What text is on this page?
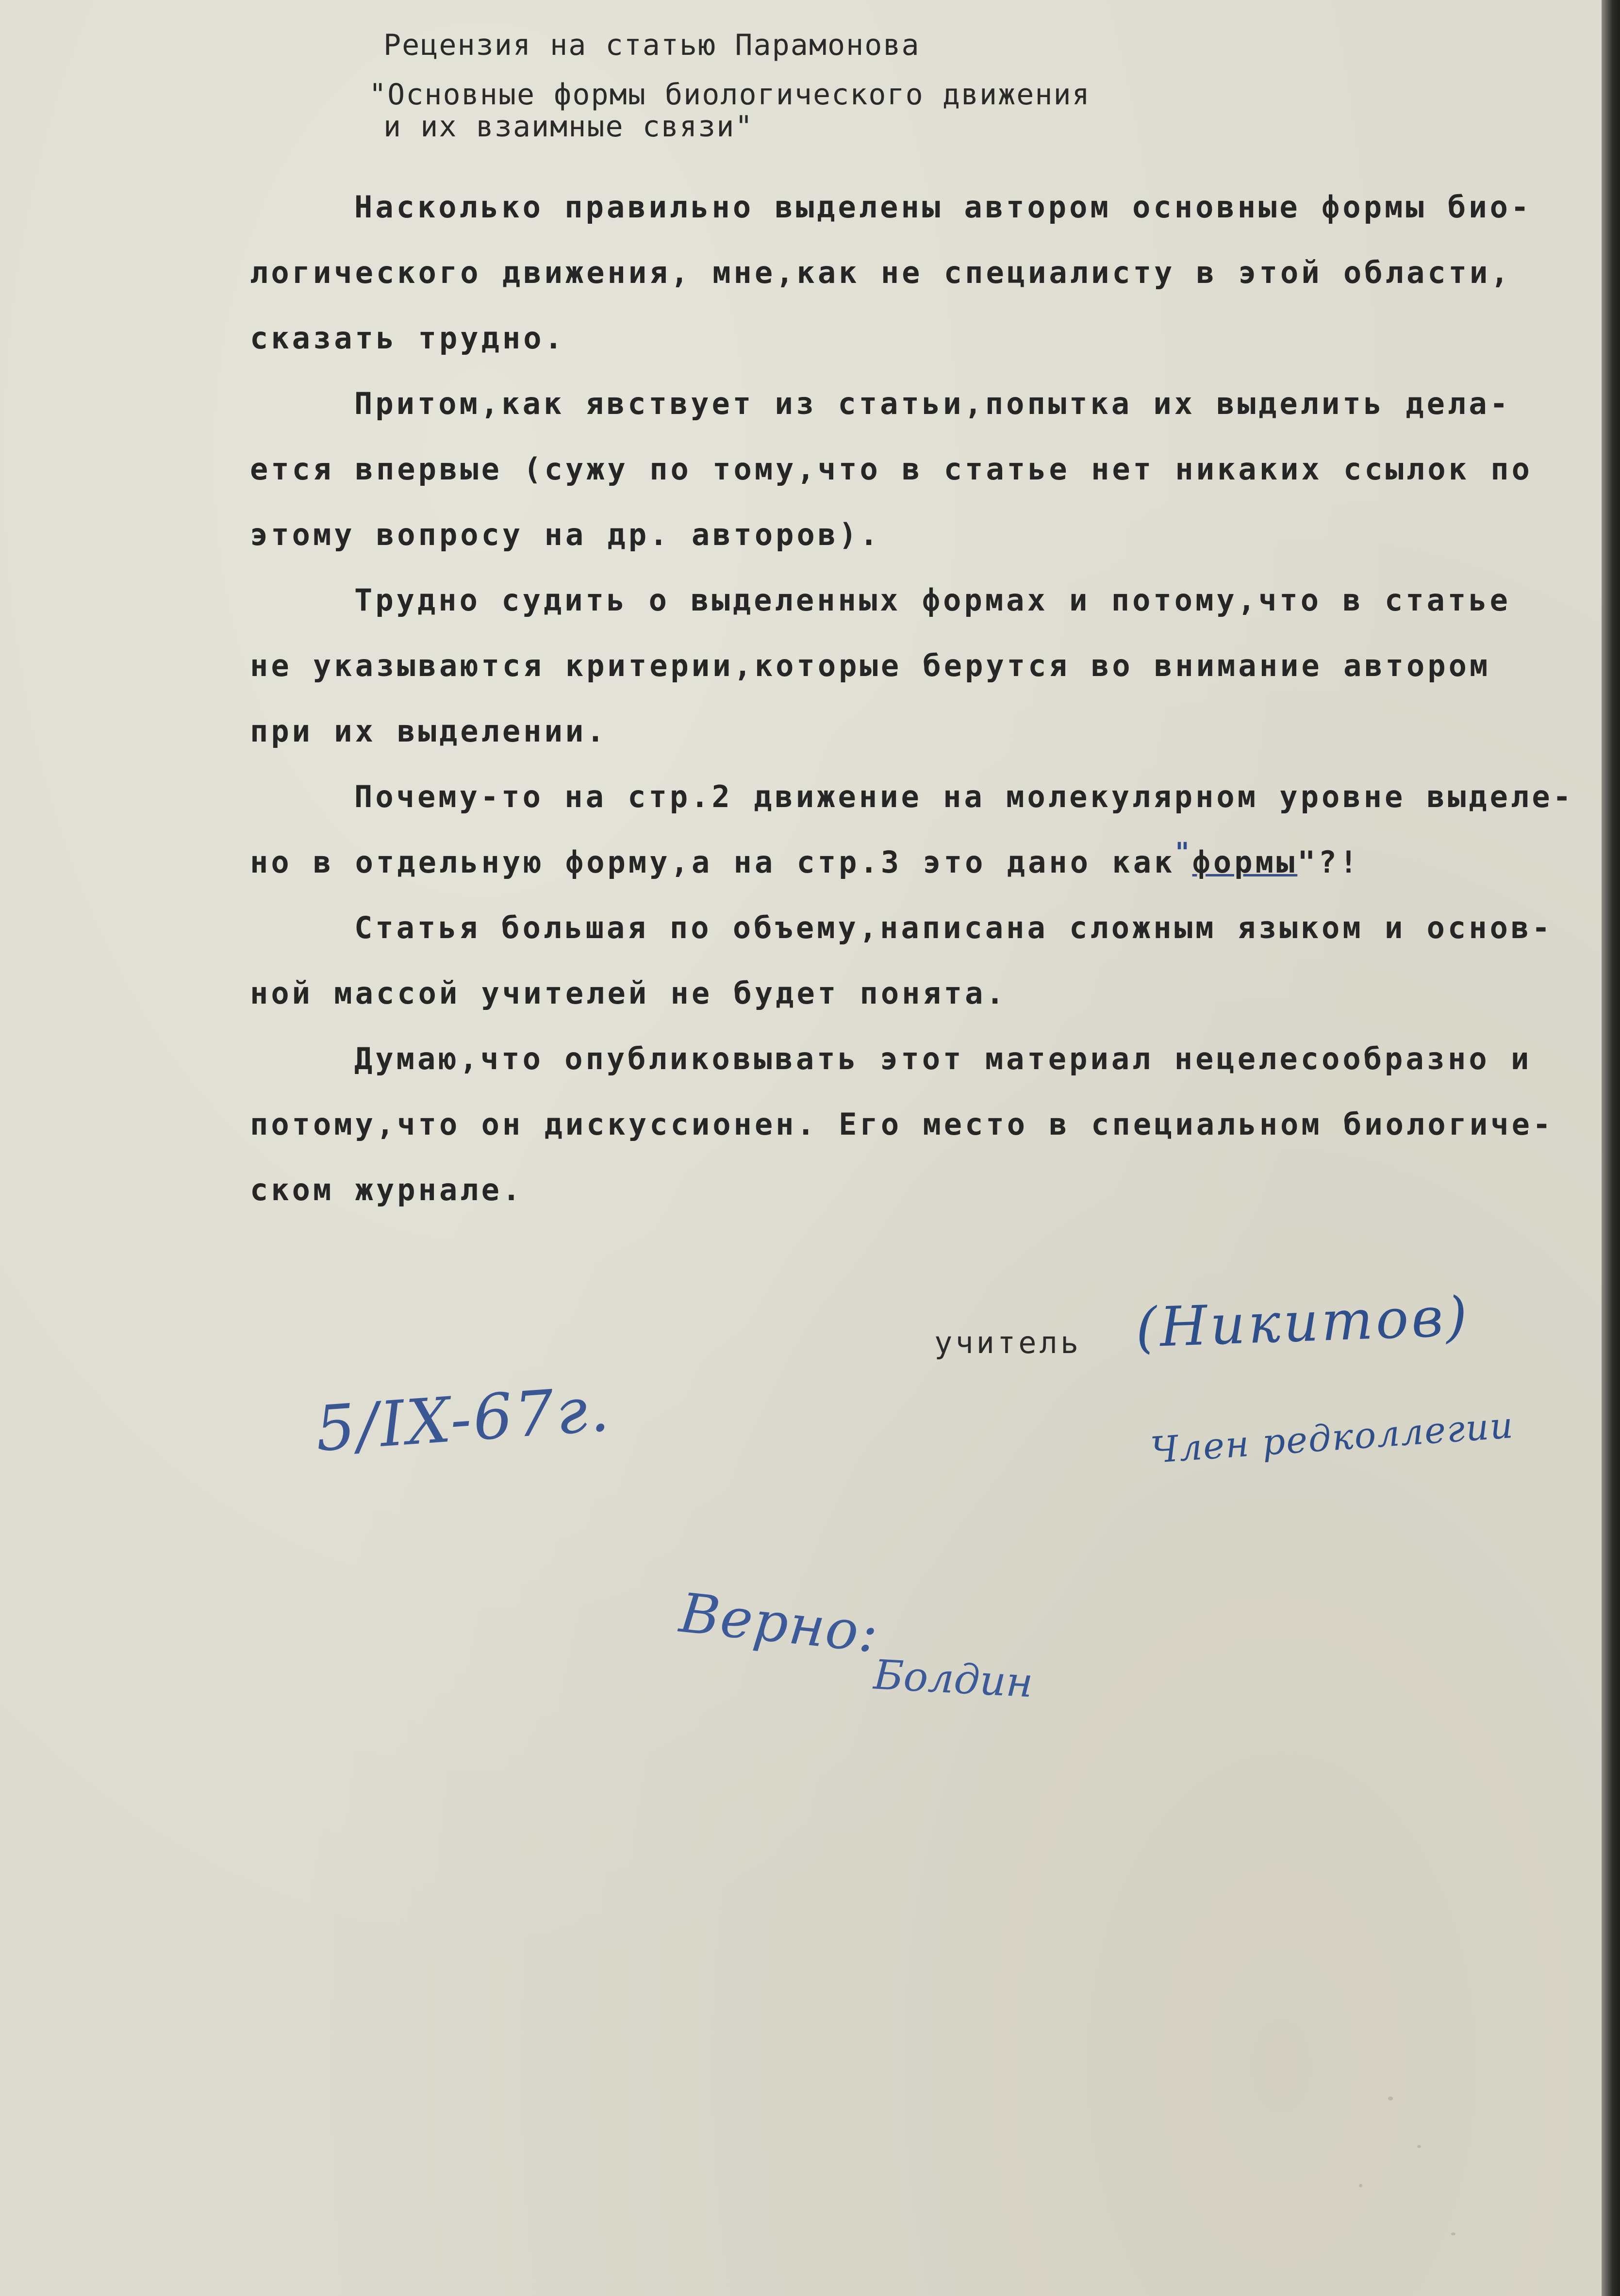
Рецензия на статью Парамонова
"Основные формы биологического движения
и их взаимные связи"
Насколько правильно выделены автором основные формы био-
логического движения, мне,как не специалисту в этой области,
сказать трудно.
Притом,как явствует из статьи,попытка их выделить дела-
ется впервые (сужу по тому,что в статье нет никаких ссылок по
этому вопросу на др. авторов).
Трудно судить о выделенных формах и потому,что в статье
не указываются критерии,которые берутся во внимание автором
при их выделении.
Почему-то на стр.2 движение на молекулярном уровне выделе-
но в отдельную форму,а на стр.3 это дано как"формы"?!
Статья большая по объему,написана сложным языком и основ-
ной массой учителей не будет понята.
Думаю,что опубликовывать этот материал нецелесообразно и
потому,что он дискуссионен. Его место в специальном биологиче-
ском журнале.
учитель (Никитов)
Член редколлегии
5/IX-67г.
Верно:
Болдин
